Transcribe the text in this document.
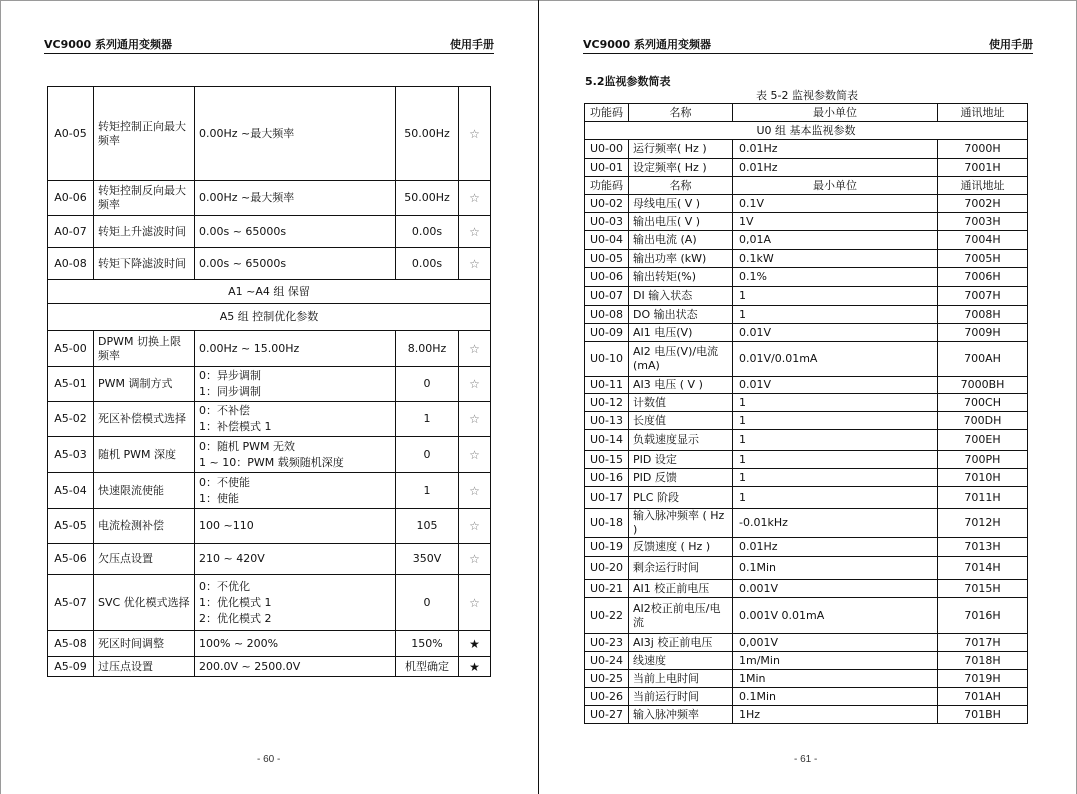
VC9000 系列通用变频器	使用手册
A0-05	转矩控制正向最大频率	0.00Hz ~最大频率	50.00Hz	☆
A0-06	转矩控制反向最大频率	0.00Hz ~最大频率	50.00Hz	☆
A0-07	转矩上升滤波时间	0.00s ~ 65000s	0.00s	☆
A0-08	转矩下降滤波时间	0.00s ~ 65000s	0.00s	☆
A1 ~A4 组 保留				
A5 组 控制优化参数				
A5-00	DPWM 切换上限频率	0.00Hz ~ 15.00Hz	8.00Hz	☆
A5-01	PWM 调制方式	0：异步调制
1：同步调制	0	☆
A5-02	死区补偿模式选择	0：不补偿
1：补偿模式 1	1	☆
A5-03	随机 PWM 深度	0：随机 PWM 无效
1 ~ 10：PWM 载频随机深度	0	☆
A5-04	快速限流使能	0：不使能
1：使能	1	☆
A5-05	电流检测补偿	100 ~110	105	☆
A5-06	欠压点设置	210 ~ 420V	350V	☆
A5-07	SVC 优化模式选择	0：不优化
1：优化模式 1
2：优化模式 2	0	☆
A5-08	死区时间调整	100% ~ 200%	150%	★
A5-09	过压点设置	200.0V ~ 2500.0V	机型确定	★
- 60 -
VC9000 系列通用变频器	使用手册
5.2监视参数简表
表 5-2 监视参数简表
- 61 -
功能码	名称	最小单位	通讯地址
U0 组 基本监视参数			
U0-00	运行频率( Hz )	0.01Hz	7000H
U0-01	设定频率( Hz )	0.01Hz	7001H
功能码	名称	最小单位	通讯地址
U0-02	母线电压( V )	0.1V	7002H
U0-03	输出电压( V )	1V	7003H
U0-04	输出电流 (A)	0,01A	7004H
U0-05	输出功率 (kW)	0.1kW	7005H
U0-06	输出转矩(%)	0.1%	7006H
U0-07	DI 输入状态	1	7007H
U0-08	DO 输出状态	1	7008H
U0-09	AI1 电压(V)	0.01V	7009H
U0-10	AI2 电压(V)/电流 (mA)	0.01V/0.01mA	700AH
U0-11	AI3 电压 ( V )	0.01V	7000BH
U0-12	计数值	1	700CH
U0-13	长度值	1	700DH
U0-14	负载速度显示	1	700EH
U0-15	PID 设定	1	700PH
U0-16	PID 反馈	1	7010H
U0-17	PLC 阶段	1	7011H
U0-18	输入脉冲频率 ( Hz )	-0.01kHz	7012H
U0-19	反馈速度 ( Hz )	0.01Hz	7013H
U0-20	剩余运行时间	0.1Min	7014H
U0-21	AI1 校正前电压	0.001V	7015H
U0-22	AI2校正前电压/电流	0.001V 0.01mA	7016H
U0-23	AI3j 校正前电压	0,001V	7017H
U0-24	线速度	1m/Min	7018H
U0-25	当前上电时间	1Min	7019H
U0-26	当前运行时间	0.1Min	701AH
U0-27	输入脉冲频率	1Hz	701BH
